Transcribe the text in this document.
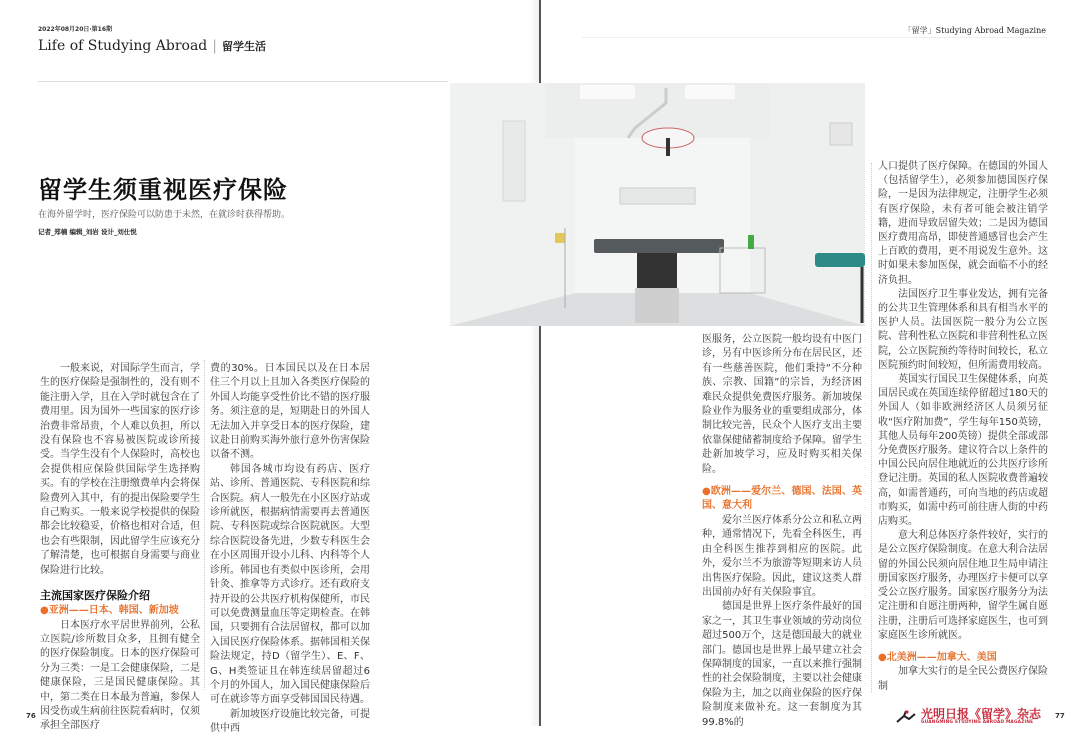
2022年08月20日·第16期
Life of Studying Abroad | 留学生活
「留学」Studying Abroad Magazine
留学生须重视医疗保险
在海外留学时，医疗保险可以防患于未然，在就诊时获得帮助。
记者_郑楠 编辑_刘岩 设计_刘仕悦

一般来说，对国际学生而言，学生的医疗保险是强制性的，没有则不能注册入学，且在入学时就包含在了费用里。因为国外一些国家的医疗诊治费非常昂贵，个人难以负担，所以没有保险也不容易被医院或诊所接受。当学生没有个人保险时，高校也会提供相应保险供国际学生选择购买。有的学校在注册缴费单内会将保险费列入其中，有的提出保险要学生自己购买。一般来说学校提供的保险都会比较稳妥，价格也相对合适，但也会有些限制，因此留学生应该充分了解清楚，也可根据自身需要与商业保险进行比较。

主流国家医疗保险介绍
●亚洲——日本、韩国、新加坡

日本医疗水平居世界前列，公私立医院/诊所数目众多，且拥有健全的医疗保险制度。日本的医疗保险可分为三类：一是工会健康保险，二是健康保险，三是国民健康保险。其中，第二类在日本最为普遍，参保人因受伤或生病前往医院看病时，仅须承担全部医疗

费的30%。日本国民以及在日本居住三个月以上且加入各类医疗保险的外国人均能享受性价比不错的医疗服务。须注意的是，短期赴日的外国人无法加入并享受日本的医疗保险，建议赴日前购买海外旅行意外伤害保险以备不测。

韩国各城市均设有药店、医疗站、诊所、普通医院、专科医院和综合医院。病人一般先在小区医疗站或诊所就医，根据病情需要再去普通医院、专科医院或综合医院就医。大型综合医院设备先进，少数专科医生会在小区周围开设小儿科、内科等个人诊所。韩国也有类似中医诊所，会用针灸、推拿等方式诊疗。还有政府支持开设的公共医疗机构保健所，市民可以免费测量血压等定期检查。在韩国，只要拥有合法居留权，都可以加入国民医疗保险体系。据韩国相关保险法规定，持D（留学生）、E、F、G、H类签证且在韩连续居留超过6个月的外国人，加入国民健康保险后可在就诊等方面享受韩国国民待遇。

新加坡医疗设施比较完备，可提供中西

医服务，公立医院一般均设有中医门诊，另有中医诊所分布在居民区，还有一些慈善医院，他们秉持“不分种族、宗教、国籍”的宗旨，为经济困难民众提供免费医疗服务。新加坡保险业作为服务业的重要组成部分，体制比较完善，民众个人医疗支出主要依靠保健储蓄制度给予保障。留学生赴新加坡学习，应及时购买相关保险。

●欧洲——爱尔兰、德国、法国、英国、意大利

爱尔兰医疗体系分公立和私立两种，通常情况下，先看全科医生，再由全科医生推荐到相应的医院。此外，爱尔兰不为旅游等短期来访人员出售医疗保险。因此，建议这类人群出国前办好有关保险事宜。

德国是世界上医疗条件最好的国家之一，其卫生事业领域的劳动岗位超过500万个，这是德国最大的就业部门。德国也是世界上最早建立社会保障制度的国家，一直以来推行强制性的社会保险制度，主要以社会健康保险为主，加之以商业保险的医疗保险制度来做补充。这一套制度为其99.8%的

人口提供了医疗保障。在德国的外国人（包括留学生），必须参加德国医疗保险，一是因为法律规定，注册学生必须有医疗保险，未有者可能会被注销学籍，进而导致居留失效；二是因为德国医疗费用高昂，即使普通感冒也会产生上百欧的费用，更不用说发生意外。这时如果未参加医保，就会面临不小的经济负担。

法国医疗卫生事业发达，拥有完备的公共卫生管理体系和具有相当水平的医护人员。法国医院一般分为公立医院、营利性私立医院和非营利性私立医院，公立医院预约等待时间较长，私立医院预约时间较短，但所需费用较高。

英国实行国民卫生保健体系，向英国居民或在英国连续停留超过180天的外国人（如非欧洲经济区人员须另征收“医疗附加费”，学生每年150英镑，其他人员每年200英镑）提供全部或部分免费医疗服务。建议符合以上条件的中国公民向居住地就近的公共医疗诊所登记注册。英国的私人医院收费普遍较高，如需普通药，可向当地的药店或超市购买，如需中药可前往唐人街的中药店购买。

意大利总体医疗条件较好，实行的是公立医疗保险制度。在意大利合法居留的外国公民须向居住地卫生局申请注册国家医疗服务，办理医疗卡便可以享受公立医疗服务。国家医疗服务分为法定注册和自愿注册两种，留学生属自愿注册，注册后可选择家庭医生，也可到家庭医生诊所就医。

●北美洲——加拿大、美国

加拿大实行的是全民公费医疗保险制

76	77
光明日报《留学》杂志
GUANGMING STUDYING ABROAD MAGAZINE
